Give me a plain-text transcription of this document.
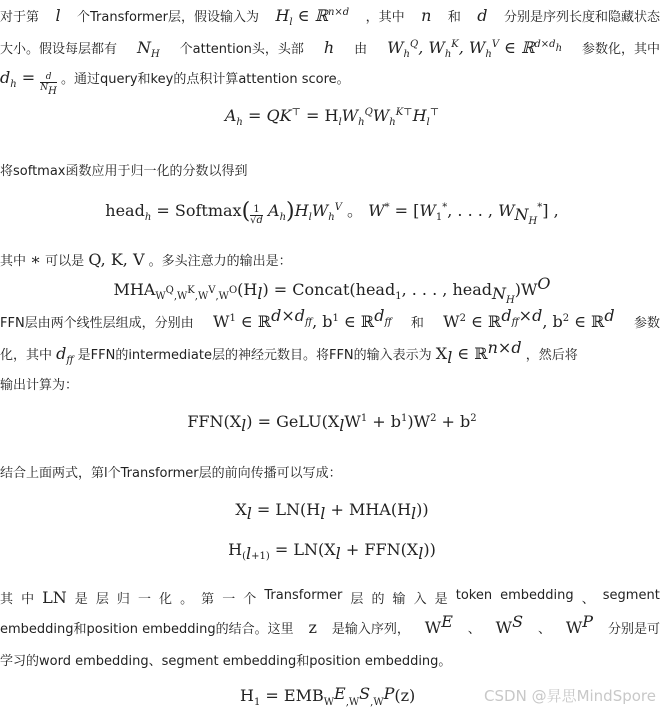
对于第 l 个Transformer层，假设输入为 $H_l$ ∈ ℝ$^{n\times d}$ ，其中 n 和 d 分别是序列长度和隐藏状态
大小。假设每层都有 $N_H$ 个attention头，头部 h 由 $W_h^Q$, $W_h^K$, $W_h^V$ ∈ ℝ$^{d\times d_h}$ 参数化，其中
$d_h = \frac{d}{N_H}$ 。通过query和key的点积计算attention score。
$A_h = QK^⊤ = H_lW_h^QW_h^{K⊤}H_l^⊤$
将softmax函数应用于归一化的分数以得到
head$_h$ = Softmax( $\frac{1}{√d} A_h)H_lW_h^V$ 。 $W^* = [W_1^*$, . . . , $W_{N_H}^*$] ,
其中 ∗ 可以是 Q, K, V 。多头注意力的输出是：
$MHA_{W^Q,W^K,W^V,W^O}(H_l)$ = Concat(head$_1$, . . . , $head_{N_H})W^O$
FFN层由两个线性层组成，分别由 $W^1$ ∈ ℝ$^{d\times d_{ff}}$, $b^1$ ∈ ℝ$^{d_{ff}}$ 和 $W^2$ ∈ ℝ$^{d_{ff}\times d}$, $b^2$ ∈ ℝ$^d$ 参数
化，其中 $d_{ff}$ 是FFN的intermediate层的神经元数目。将FFN的输入表示为 $X_l$ ∈ ℝ$^{n\times d}$ ，然后将
输出计算为：
$FFN(X_l)$ = $GeLU(X_lW^1 + b^1)W^2 + b^2$
结合上面两式，第l个Transformer层的前向传播可以写成：
$X_l = LN(H_l + MHA(H_l))$
$H_{(l+1)} = LN(X_l + FFN(X_l))$
其 中 LN 是 层 归 一 化 。 第 一 个 Transformer 层 的 输 入 是 token embedding 、 segment
embedding和position embedding的结合。这里 z 是输入序列， $W^E$ 、 $W^S$ 、 $W^P$ 分别是可
学习的word embedding、segment embedding和position embedding。
$H_1 = EMB_{W^E,W^S,W^P}(z)$	CSDN @昇思MindSpore
